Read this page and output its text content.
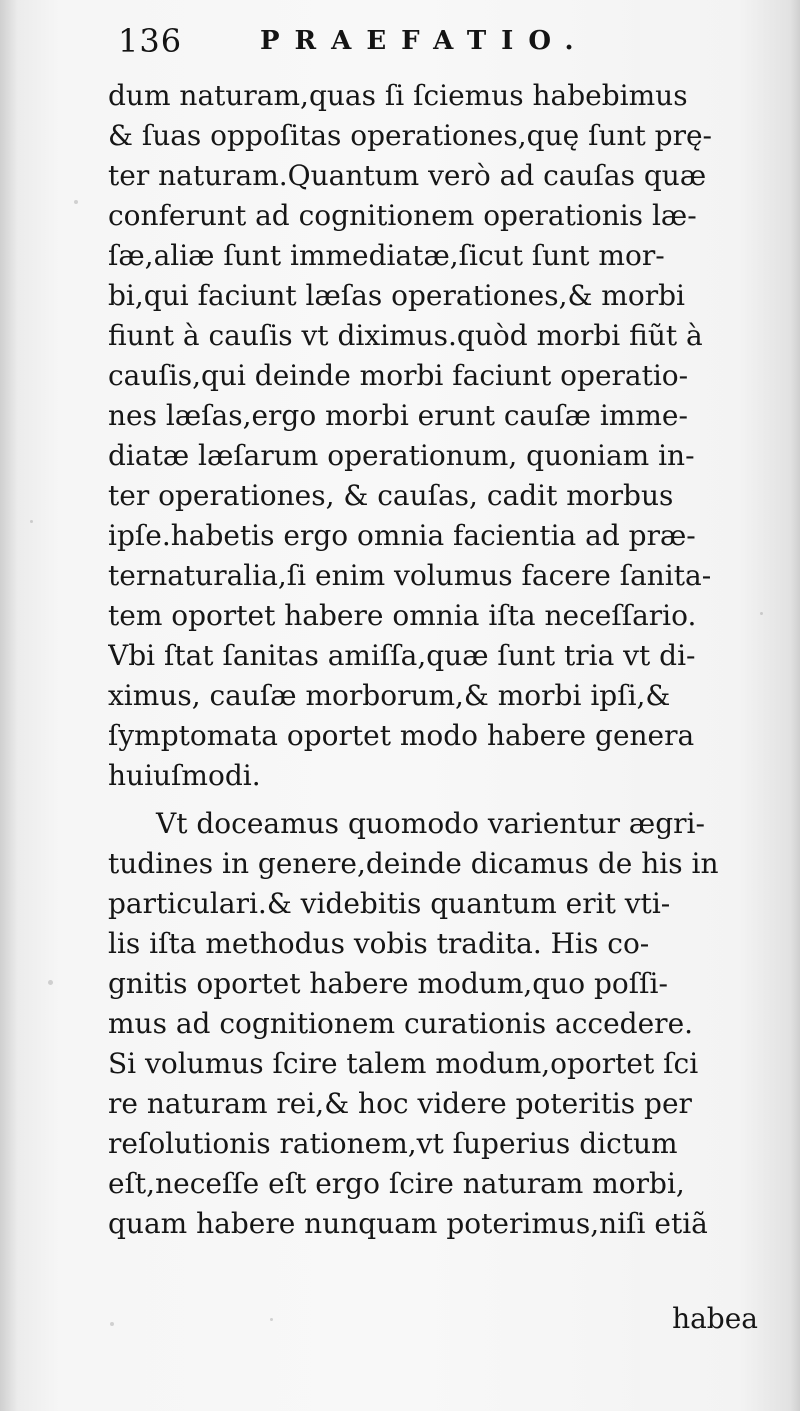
136	PRAEFATIO.
dum naturam,quas ſi ſciemus habebimus
& ſuas oppoſitas operationes,quę ſunt prę-
ter naturam.Quantum verò ad cauſas quæ
conferunt ad cognitionem operationis læ-
ſæ,aliæ ſunt immediatæ,ſicut ſunt mor-
bi,qui faciunt læſas operationes,& morbi
fiunt à cauſis vt diximus.quòd morbi fiũt à
cauſis,qui deinde morbi faciunt operatio-
nes læſas,ergo morbi erunt cauſæ imme-
diatæ læſarum operationum, quoniam in-
ter operationes, & cauſas, cadit morbus
ipſe.habetis ergo omnia facientia ad præ-
ternaturalia,ſi enim volumus facere ſanita-
tem oportet habere omnia iſta neceſſario.
Vbi ſtat ſanitas amiſſa,quæ ſunt tria vt di-
ximus, cauſæ morborum,& morbi ipſi,&
ſymptomata oportet modo habere genera
huiuſmodi.
Vt doceamus quomodo varientur ægri-
tudines in genere,deinde dicamus de his in
particulari.& videbitis quantum erit vti-
lis iſta methodus vobis tradita. His co-
gnitis oportet habere modum,quo poſſi-
mus ad cognitionem curationis accedere.
Si volumus ſcire talem modum,oportet ſci
re naturam rei,& hoc videre poteritis per
reſolutionis rationem,vt ſuperius dictum
eſt,neceſſe eſt ergo ſcire naturam morbi,
quam habere nunquam poterimus,niſi etiã
habea
